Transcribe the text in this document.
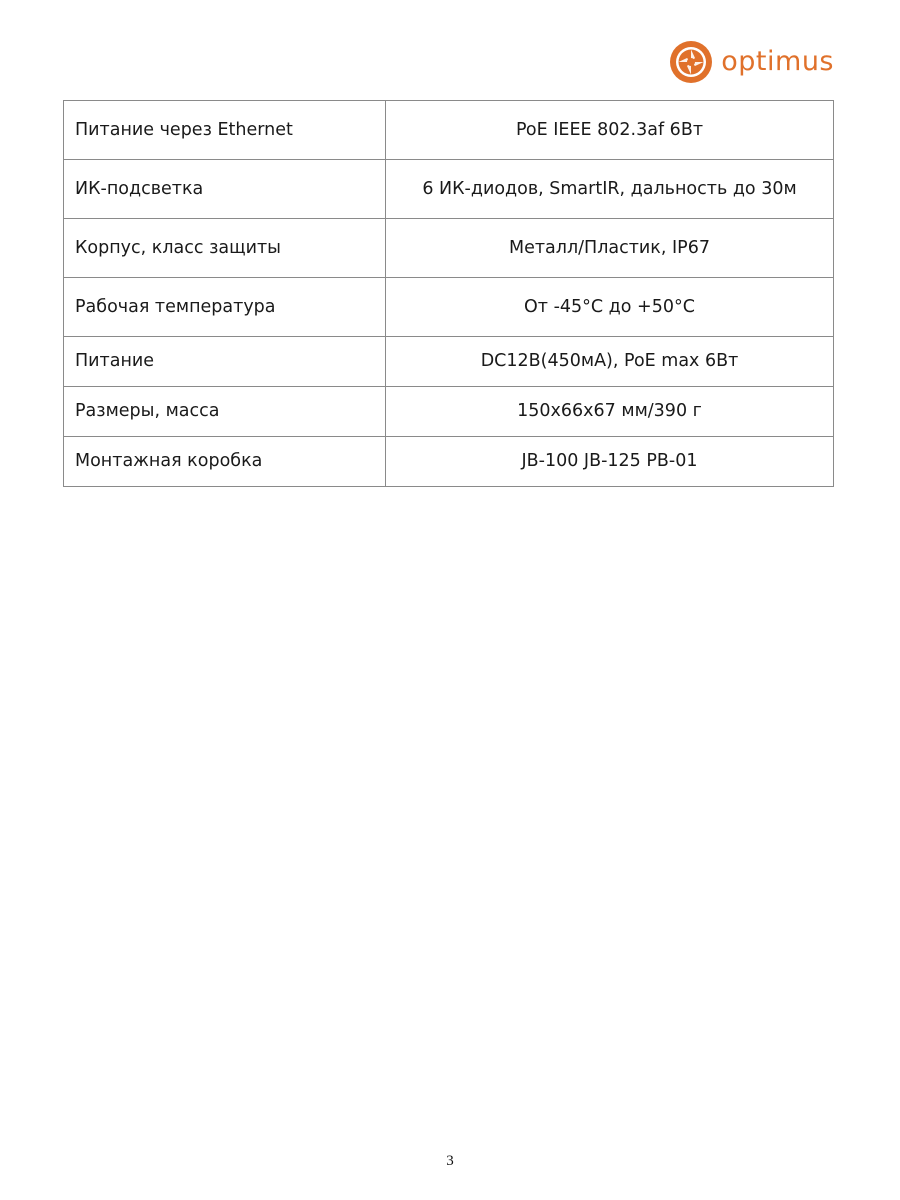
optimus
Питание через Ethernet	PoE IEEE 802.3af 6Вт
ИК-подсветка	6 ИК-диодов, SmartIR, дальность до 30м
Корпус, класс защиты	Металл/Пластик, IP67
Рабочая температура	От -45°С до +50°С
Питание	DC12В(450мА), PoE max 6Вт
Размеры, масса	150x66x67 мм/390 г
Монтажная коробка	JB-100 JB-125 PB-01
3
